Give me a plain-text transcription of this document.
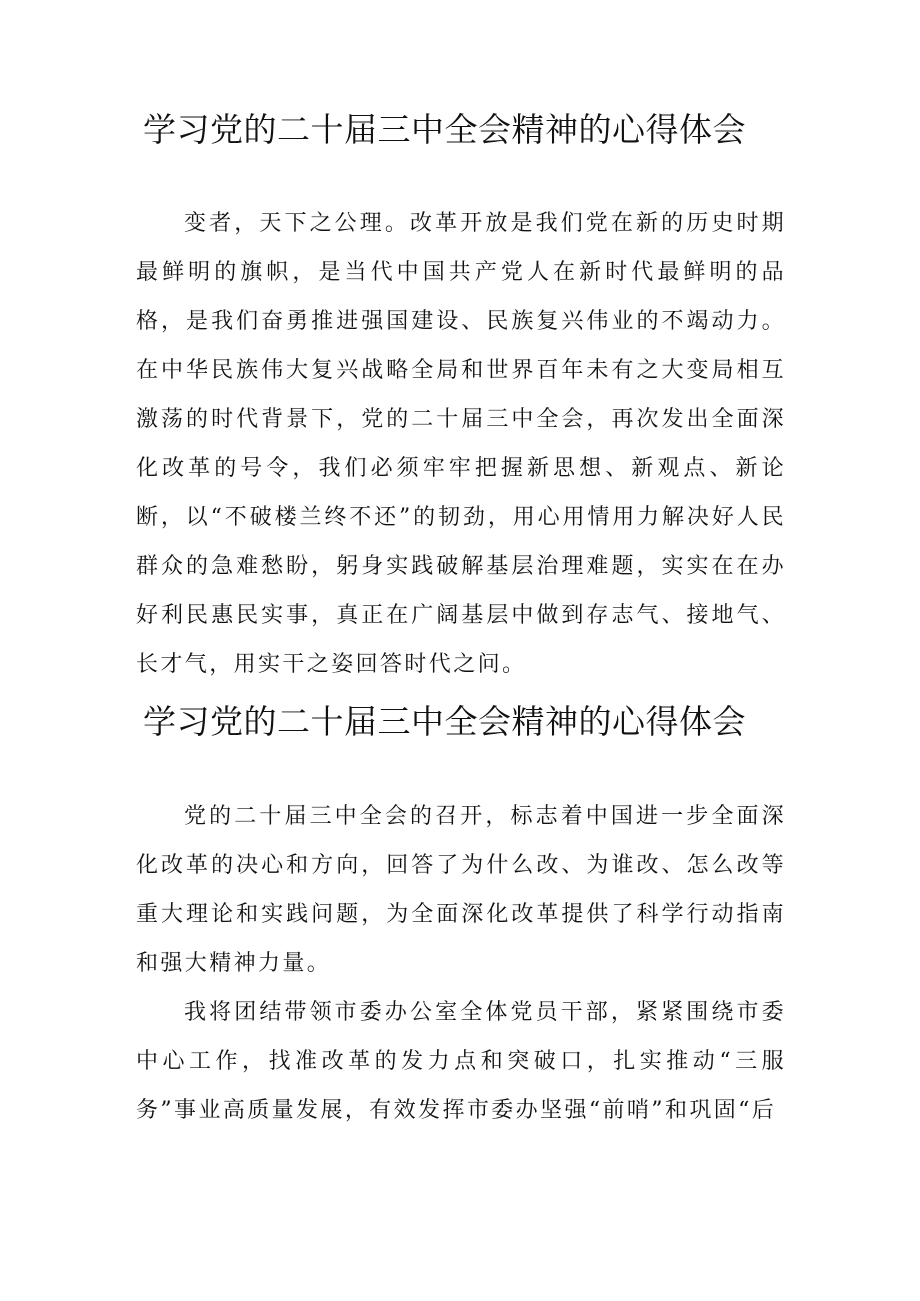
学习党的二十届三中全会精神的心得体会

变者，天下之公理。改革开放是我们党在新的历史时期最鲜明的旗帜，是当代中国共产党人在新时代最鲜明的品格，是我们奋勇推进强国建设、民族复兴伟业的不竭动力。在中华民族伟大复兴战略全局和世界百年未有之大变局相互激荡的时代背景下，党的二十届三中全会，再次发出全面深化改革的号令，我们必须牢牢把握新思想、新观点、新论断，以“不破楼兰终不还”的韧劲，用心用情用力解决好人民群众的急难愁盼，躬身实践破解基层治理难题，实实在在办好利民惠民实事，真正在广阔基层中做到存志气、接地气、长才气，用实干之姿回答时代之问。

学习党的二十届三中全会精神的心得体会

党的二十届三中全会的召开，标志着中国进一步全面深化改革的决心和方向，回答了为什么改、为谁改、怎么改等重大理论和实践问题，为全面深化改革提供了科学行动指南和强大精神力量。

我将团结带领市委办公室全体党员干部，紧紧围绕市委中心工作，找准改革的发力点和突破口，扎实推动“三服务”事业高质量发展，有效发挥市委办坚强“前哨”和巩固“后
